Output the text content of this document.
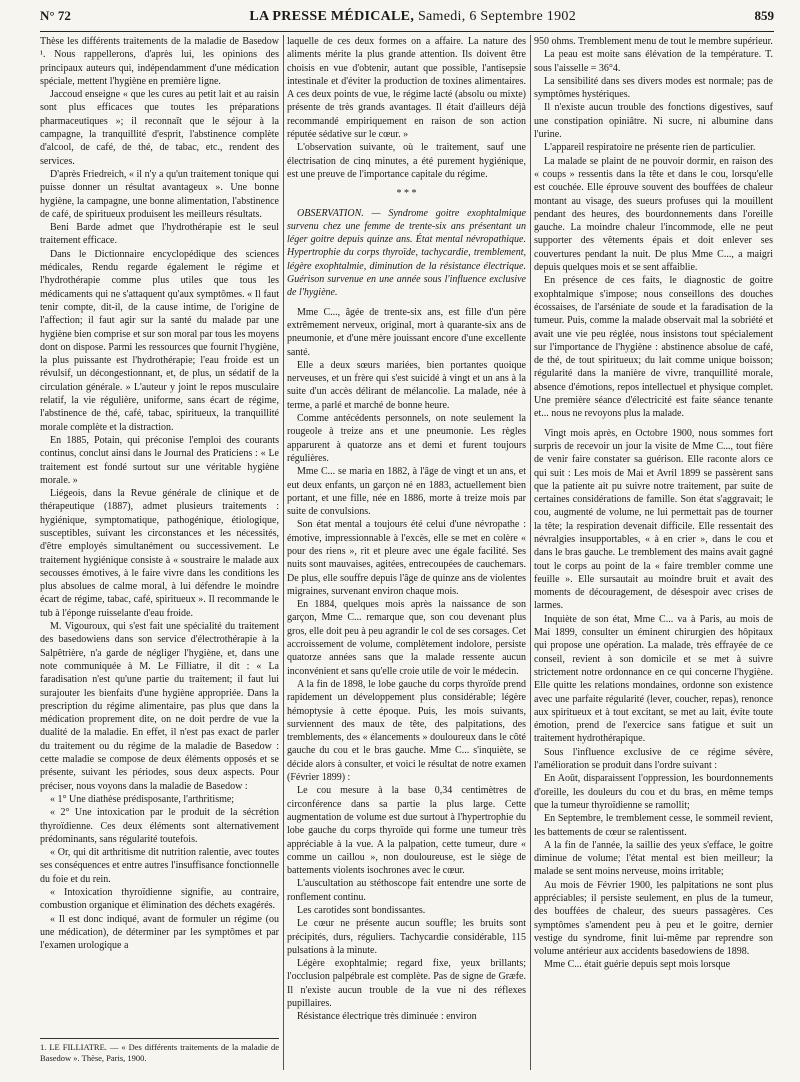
N° 72	LA PRESSE MÉDICALE, Samedi, 6 Septembre 1902	859

Thèse les différents traitements de la maladie de Basedow ¹. Nous rappellerons, d'après lui, les opinions des principaux auteurs qui, indépendamment d'une médication spéciale, mettent l'hygiène en première ligne.

Jaccoud enseigne « que les cures au petit lait et au raisin sont plus efficaces que toutes les préparations pharmaceutiques »; il reconnaît que le séjour à la campagne, la tranquillité d'esprit, l'abstinence complète d'alcool, de café, de thé, de tabac, etc., rendent des services.

D'après Friedreich, « il n'y a qu'un traitement tonique qui puisse donner un résultat avantageux ». Une bonne hygiène, la campagne, une bonne alimentation, l'abstinence de café, de spiritueux produisent les meilleurs résultats.

Beni Barde admet que l'hydrothérapie est le seul traitement efficace.

Dans le Dictionnaire encyclopédique des sciences médicales, Rendu regarde également le régime et l'hydrothérapie comme plus utiles que tous les médicaments qui ne s'attaquent qu'aux symptômes. « Il faut tenir compte, dit-il, de la cause intime, de l'origine de l'affection; il faut agir sur la santé du malade par une hygiène bien comprise et sur son moral par tous les moyens dont on dispose. Parmi les ressources que fournit l'hygiène, la plus puissante est l'hydrothérapie; l'eau froide est un révulsif, un décongestionnant, et, de plus, un sédatif de la circulation générale. » L'auteur y joint le repos musculaire relatif, la vie régulière, uniforme, sans écart de régime, l'abstinence de thé, café, tabac, spiritueux, la tranquillité morale complète et la distraction.

En 1885, Potain, qui préconise l'emploi des courants continus, conclut ainsi dans le Journal des Praticiens : « Le traitement est fondé surtout sur une véritable hygiène morale. »

Liégeois, dans la Revue générale de clinique et de thérapeutique (1887), admet plusieurs traitements : hygiénique, symptomatique, pathogénique, étiologique, susceptibles, suivant les circonstances et les nécessités, d'être employés simultanément ou successivement. Le traitement hygiénique consiste à « soustraire le malade aux secousses émotives, à le faire vivre dans les conditions les plus absolues de calme moral, à lui défendre le moindre écart de régime, tabac, café, spiritueux ». Il recommande le tub à l'éponge ruisselante d'eau froide.

M. Vigouroux, qui s'est fait une spécialité du traitement des basedowiens dans son service d'électrothérapie à la Salpêtrière, n'a garde de négliger l'hygiène, et, dans une note communiquée à M. Le Filliatre, il dit : « La faradisation n'est qu'une partie du traitement; il faut lui surajouter les bienfaits d'une hygiène appropriée. Dans la prescription du régime alimentaire, pas plus que dans la médication proprement dite, on ne doit perdre de vue la dualité de la maladie. En effet, il n'est pas exact de parler du traitement ou du régime de la maladie de Basedow : cette maladie se compose de deux éléments opposés et se présente, suivant les périodes, sous deux aspects. Pour préciser, nous voyons dans la maladie de Basedow :

« 1° Une diathèse prédisposante, l'arthritisme;

« 2° Une intoxication par le produit de la sécrétion thyroïdienne. Ces deux éléments sont alternativement prédominants, sans régularité toutefois.

« Or, qui dit arthritisme dit nutrition ralentie, avec toutes ses conséquences et entre autres l'insuffisance fonctionnelle du foie et du rein.

« Intoxication thyroïdienne signifie, au contraire, combustion organique et élimination des déchets exagérés.

« Il est donc indiqué, avant de formuler un régime (ou une médication), de déterminer par les symptômes et par l'examen urologique a

1. LE FILLIATRE. — « Des différents traitements de la maladie de Basedow ». Thèse, Paris, 1900.

laquelle de ces deux formes on a affaire. La nature des aliments mérite la plus grande attention. Ils doivent être choisis en vue d'obtenir, autant que possible, l'antisepsie intestinale et d'éviter la production de toxines alimentaires. A ces deux points de vue, le régime lacté (absolu ou mixte) présente de très grands avantages. Il était d'ailleurs déjà recommandé empiriquement en raison de son action réputée sédative sur le cœur. »

L'observation suivante, où le traitement, sauf une électrisation de cinq minutes, a été purement hygiénique, est une preuve de l'importance capitale du régime.

* * *

OBSERVATION. — Syndrome goitre exophtalmique survenu chez une femme de trente-six ans présentant un léger goitre depuis quinze ans. État mental névropathique. Hypertrophie du corps thyroïde, tachycardie, tremblement, légère exophtalmie, diminution de la résistance électrique. Guérison survenue en une année sous l'influence exclusive de l'hygiène.

Mme C..., âgée de trente-six ans, est fille d'un père extrêmement nerveux, original, mort à quarante-six ans de pneumonie, et d'une mère jouissant encore d'une excellente santé.

Elle a deux sœurs mariées, bien portantes quoique nerveuses, et un frère qui s'est suicidé à vingt et un ans à la suite d'un accès délirant de mélancolie. La malade, née à terme, a parlé et marché de bonne heure.

Comme antécédents personnels, on note seulement la rougeole à treize ans et une pneumonie. Les règles apparurent à quatorze ans et demi et furent toujours régulières.

Mme C... se maria en 1882, à l'âge de vingt et un ans, et eut deux enfants, un garçon né en 1883, actuellement bien portant, et une fille, née en 1886, morte à treize mois par suite de convulsions.

Son état mental a toujours été celui d'une névropathe : émotive, impressionnable à l'excès, elle se met en colère « pour des riens », rit et pleure avec une égale facilité. Ses nuits sont mauvaises, agitées, entrecoupées de cauchemars. De plus, elle souffre depuis l'âge de quinze ans de violentes migraines, survenant environ chaque mois.

En 1884, quelques mois après la naissance de son garçon, Mme C... remarque que, son cou devenant plus gros, elle doit peu à peu agrandir le col de ses corsages. Cet accroissement de volume, complètement indolore, persiste quatorze années sans que la malade ressente aucun inconvénient et sans qu'elle croie utile de voir le médecin.

A la fin de 1898, le lobe gauche du corps thyroïde prend rapidement un développement plus considérable; légère hémoptysie à cette époque. Puis, les mois suivants, surviennent des maux de tête, des palpitations, des tremblements, des « élancements » douloureux dans le côté gauche du cou et le bras gauche. Mme C... s'inquiète, se décide alors à consulter, et voici le résultat de notre examen (Février 1899) :

Le cou mesure à la base 0,34 centimètres de circonférence dans sa partie la plus large. Cette augmentation de volume est due surtout à l'hypertrophie du lobe gauche du corps thyroïde qui forme une tumeur très appréciable à la vue. A la palpation, cette tumeur, dure « comme un caillou », non douloureuse, est le siège de battements violents isochrones avec le cœur.

L'auscultation au stéthoscope fait entendre une sorte de ronflement continu.

Les carotides sont bondissantes.

Le cœur ne présente aucun souffle; les bruits sont précipités, durs, réguliers. Tachycardie considérable, 115 pulsations à la minute.

Légère exophtalmie; regard fixe, yeux brillants; l'occlusion palpébrale est complète. Pas de signe de Græfe. Il n'existe aucun trouble de la vue ni des réflexes pupillaires.

Résistance électrique très diminuée : environ

950 ohms. Tremblement menu de tout le membre supérieur.

La peau est moite sans élévation de la température. T. sous l'aisselle = 36°4.

La sensibilité dans ses divers modes est normale; pas de symptômes hystériques.

Il n'existe aucun trouble des fonctions digestives, sauf une constipation opiniâtre. Ni sucre, ni albumine dans l'urine.

L'appareil respiratoire ne présente rien de particulier.

La malade se plaint de ne pouvoir dormir, en raison des « coups » ressentis dans la tête et dans le cou, lorsqu'elle est couchée. Elle éprouve souvent des bouffées de chaleur montant au visage, des sueurs profuses qui la mouillent pendant des heures, des bourdonnements dans l'oreille gauche. La moindre chaleur l'incommode, elle ne peut supporter des vêtements épais et doit enlever ses couvertures pendant la nuit. De plus Mme C..., a maigri depuis quelques mois et se sent affaiblie.

En présence de ces faits, le diagnostic de goitre exophtalmique s'impose; nous conseillons des douches écossaises, de l'arséniate de soude et la faradisation de la tumeur. Puis, comme la malade observait mal la sobriété et avait une vie peu réglée, nous insistons tout spécialement sur l'importance de l'hygiène : abstinence absolue de café, de thé, de tout spiritueux; du lait comme unique boisson; régularité dans la manière de vivre, tranquillité morale, absence d'émotions, repos intellectuel et physique complet. Une première séance d'électricité est faite séance tenante et... nous ne revoyons plus la malade.

Vingt mois après, en Octobre 1900, nous sommes fort surpris de recevoir un jour la visite de Mme C..., tout fière de venir faire constater sa guérison. Elle raconte alors ce qui suit : Les mois de Mai et Avril 1899 se passèrent sans que la patiente ait pu suivre notre traitement, par suite de certaines considérations de famille. Son état s'aggravait; le cou, augmenté de volume, ne lui permettait pas de tourner la tête; la respiration devenait difficile. Elle ressentait des névralgies insupportables, « à en crier », dans le cou et dans le bras gauche. Le tremblement des mains avait gagné tout le corps au point de la « faire trembler comme une feuille ». Elle sursautait au moindre bruit et avait des moments de découragement, de désespoir avec crises de larmes.

Inquiète de son état, Mme C... va à Paris, au mois de Mai 1899, consulter un éminent chirurgien des hôpitaux qui propose une opération. La malade, très effrayée de ce conseil, revient à son domicile et se met à suivre strictement notre ordonnance en ce qui concerne l'hygiène. Elle quitte les relations mondaines, ordonne son existence avec une parfaite régularité (lever, coucher, repas), renonce aux spiritueux et à tout excitant, se met au lait, évite toute émotion, prend de l'exercice sans fatigue et suit un traitement hydrothérapique.

Sous l'influence exclusive de ce régime sévère, l'amélioration se produit dans l'ordre suivant :

En Août, disparaissent l'oppression, les bourdonnements d'oreille, les douleurs du cou et du bras, en même temps que la tumeur thyroïdienne se ramollit;

En Septembre, le tremblement cesse, le sommeil revient, les battements de cœur se ralentissent.

A la fin de l'année, la saillie des yeux s'efface, le goitre diminue de volume; l'état mental est bien meilleur; la malade se sent moins nerveuse, moins irritable;

Au mois de Février 1900, les palpitations ne sont plus appréciables; il persiste seulement, en plus de la tumeur, des bouffées de chaleur, des sueurs passagères. Ces symptômes s'amendent peu à peu et le goitre, dernier vestige du syndrome, finit lui-même par reprendre son volume antérieur aux accidents basedowiens de 1898.

Mme C... était guérie depuis sept mois lorsque
